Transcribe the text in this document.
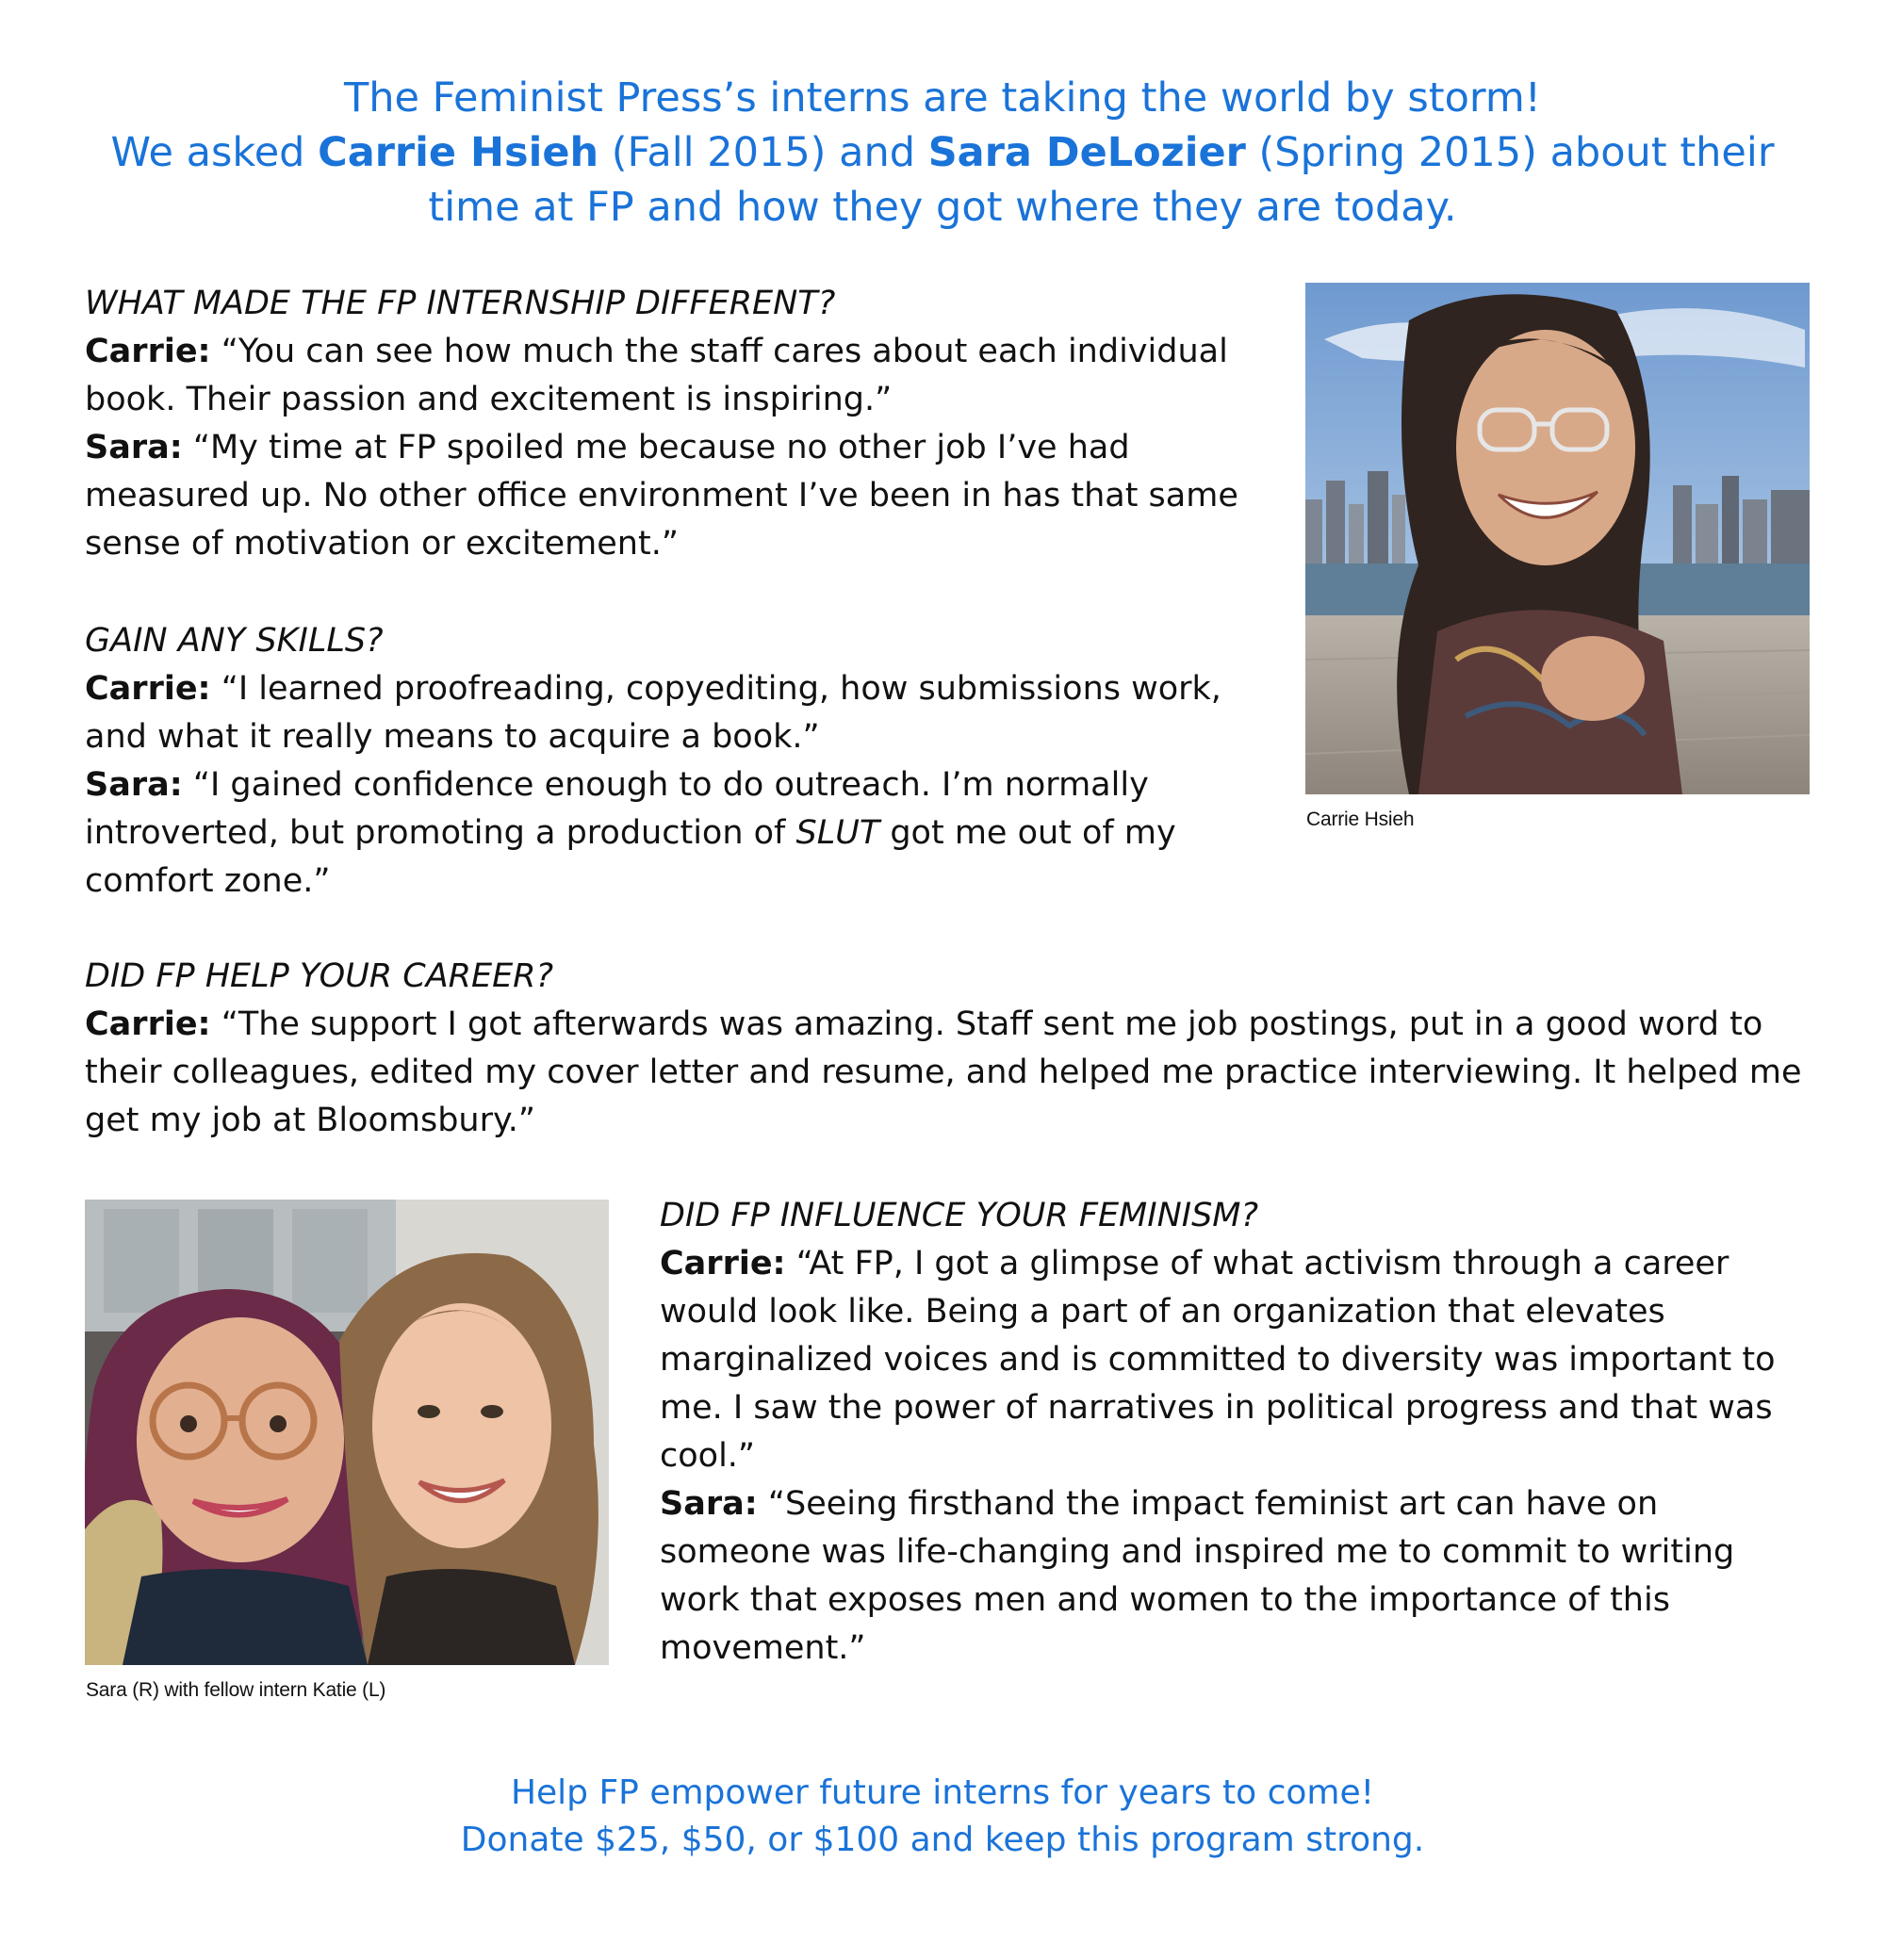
The Feminist Press’s interns are taking the world by storm!
We asked Carrie Hsieh (Fall 2015) and Sara DeLozier (Spring 2015) about their
time at FP and how they got where they are today.
WHAT MADE THE FP INTERNSHIP DIFFERENT?
Carrie: “You can see how much the staff cares about each individual book. Their passion and excitement is inspiring.”
Sara: “My time at FP spoiled me because no other job I’ve had measured up. No other office environment I’ve been in has that same sense of motivation or excitement.”
GAIN ANY SKILLS?
Carrie: “I learned proofreading, copyediting, how submissions work, and what it really means to acquire a book.”
Sara: “I gained confidence enough to do outreach. I’m normally introverted, but promoting a production of SLUT got me out of my comfort zone.”
DID FP HELP YOUR CAREER?
Carrie: “The support I got afterwards was amazing. Staff sent me job postings, put in a good word to their colleagues, edited my cover letter and resume, and helped me practice interviewing. It helped me get my job at Bloomsbury.”
DID FP INFLUENCE YOUR FEMINISM?
Carrie: “At FP, I got a glimpse of what activism through a career would look like. Being a part of an organization that elevates marginalized voices and is committed to diversity was important to me. I saw the power of narratives in political progress and that was cool.”
Sara: “Seeing firsthand the impact feminist art can have on someone was life-changing and inspired me to commit to writing work that exposes men and women to the importance of this movement.”
Carrie Hsieh
Sara (R) with fellow intern Katie (L)
Help FP empower future interns for years to come!
Donate $25, $50, or $100 and keep this program strong.
